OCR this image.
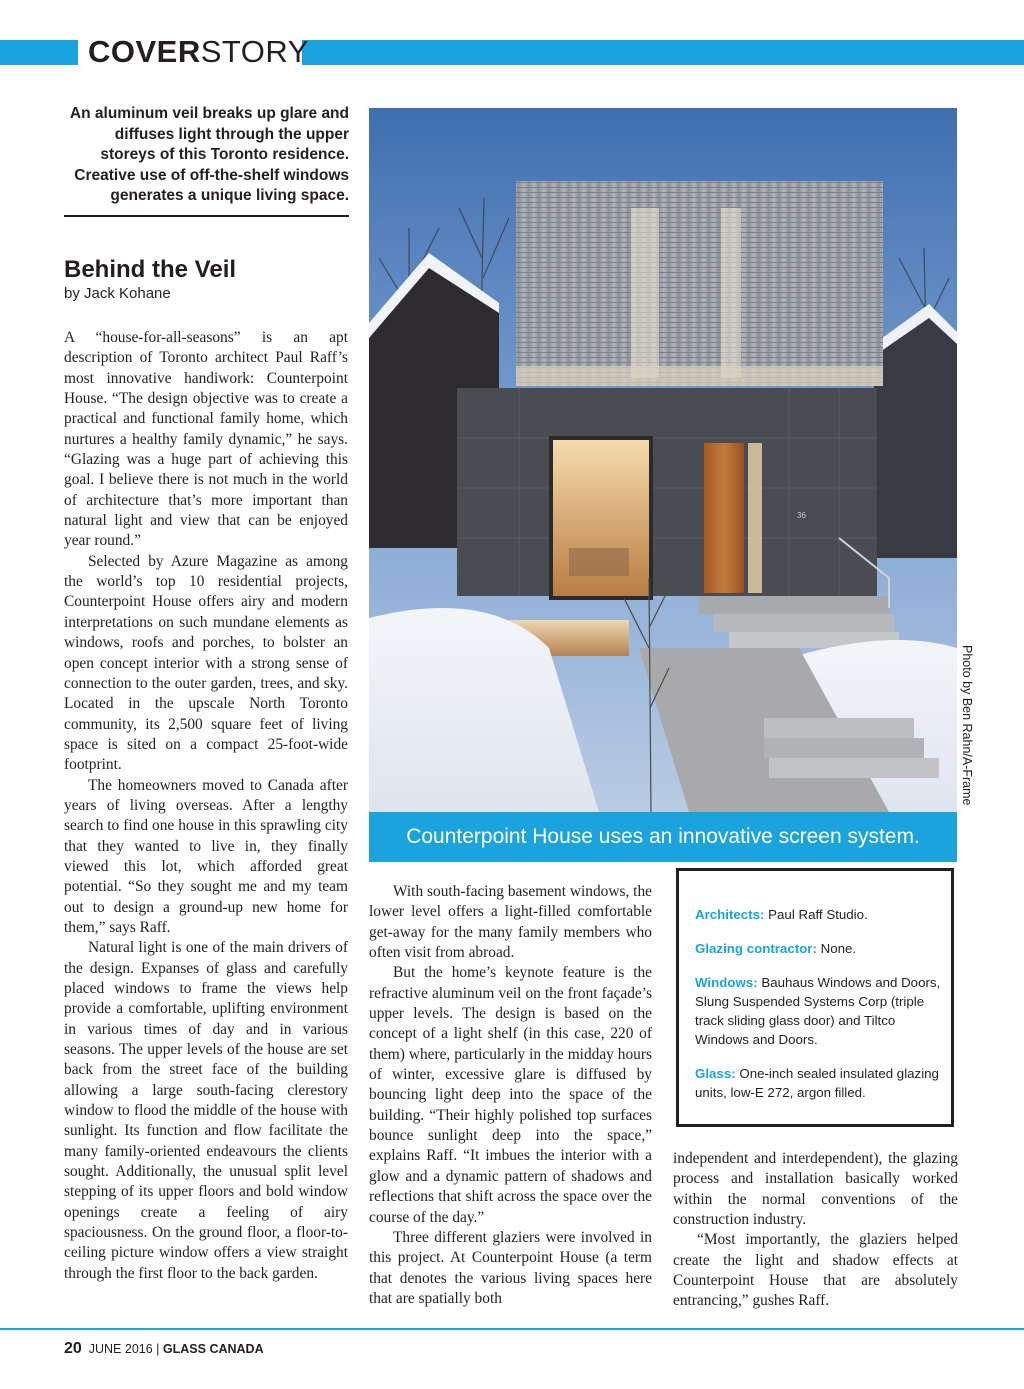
COVERSTORY
An aluminum veil breaks up glare and diffuses light through the upper storeys of this Toronto residence. Creative use of off-the-shelf windows generates a unique living space.
Behind the Veil
by Jack Kohane

A “house-for-all-seasons” is an apt description of Toronto architect Paul Raff’s most innovative handiwork: Counterpoint House. “The design objective was to create a practical and functional family home, which nurtures a healthy family dynamic,” he says. “Glazing was a huge part of achieving this goal. I believe there is not much in the world of architecture that’s more important than natural light and view that can be enjoyed year round.”

Selected by Azure Magazine as among the world’s top 10 residential projects, Counterpoint House offers airy and modern interpretations on such mundane elements as windows, roofs and porches, to bolster an open concept interior with a strong sense of connection to the outer garden, trees, and sky. Located in the upscale North Toronto community, its 2,500 square feet of living space is sited on a compact 25-foot-wide footprint.

The homeowners moved to Canada after years of living overseas. After a lengthy search to find one house in this sprawling city that they wanted to live in, they finally viewed this lot, which afforded great potential. “So they sought me and my team out to design a ground-up new home for them,” says Raff.

Natural light is one of the main drivers of the design. Expanses of glass and carefully placed windows to frame the views help provide a comfortable, uplifting environment in various times of day and in various seasons. The upper levels of the house are set back from the street face of the building allowing a large south-facing clerestory window to flood the middle of the house with sunlight. Its function and flow facilitate the many family-oriented endeavours the clients sought. Additionally, the unusual split level stepping of its upper floors and bold window openings create a feeling of airy spaciousness. On the ground floor, a floor-to-ceiling picture window offers a view straight through the first floor to the back garden.

36
Photo by Ben Rahn/A-Frame
Counterpoint House uses an innovative screen system.

With south-facing basement windows, the lower level offers a light-filled comfortable get-away for the many family members who often visit from abroad.

But the home’s keynote feature is the refractive aluminum veil on the front façade’s upper levels. The design is based on the concept of a light shelf (in this case, 220 of them) where, particularly in the midday hours of winter, excessive glare is diffused by bouncing light deep into the space of the building. “Their highly polished top surfaces bounce sunlight deep into the space,” explains Raff. “It imbues the interior with a glow and a dynamic pattern of shadows and reflections that shift across the space over the course of the day.”

Three different glaziers were involved in this project. At Counterpoint House (a term that denotes the various living spaces here that are spatially both

Architects: Paul Raff Studio.
Glazing contractor: None.
Windows: Bauhaus Windows and Doors, Slung Suspended Systems Corp (triple track sliding glass door) and Tiltco Windows and Doors.
Glass: One-inch sealed insulated glazing units, low-E 272, argon filled.

independent and interdependent), the glazing process and installation basically worked within the normal conventions of the construction industry.

“Most importantly, the glaziers helped create the light and shadow effects at Counterpoint House that are absolutely entrancing,” gushes Raff.

20 JUNE 2016 | GLASS CANADA
